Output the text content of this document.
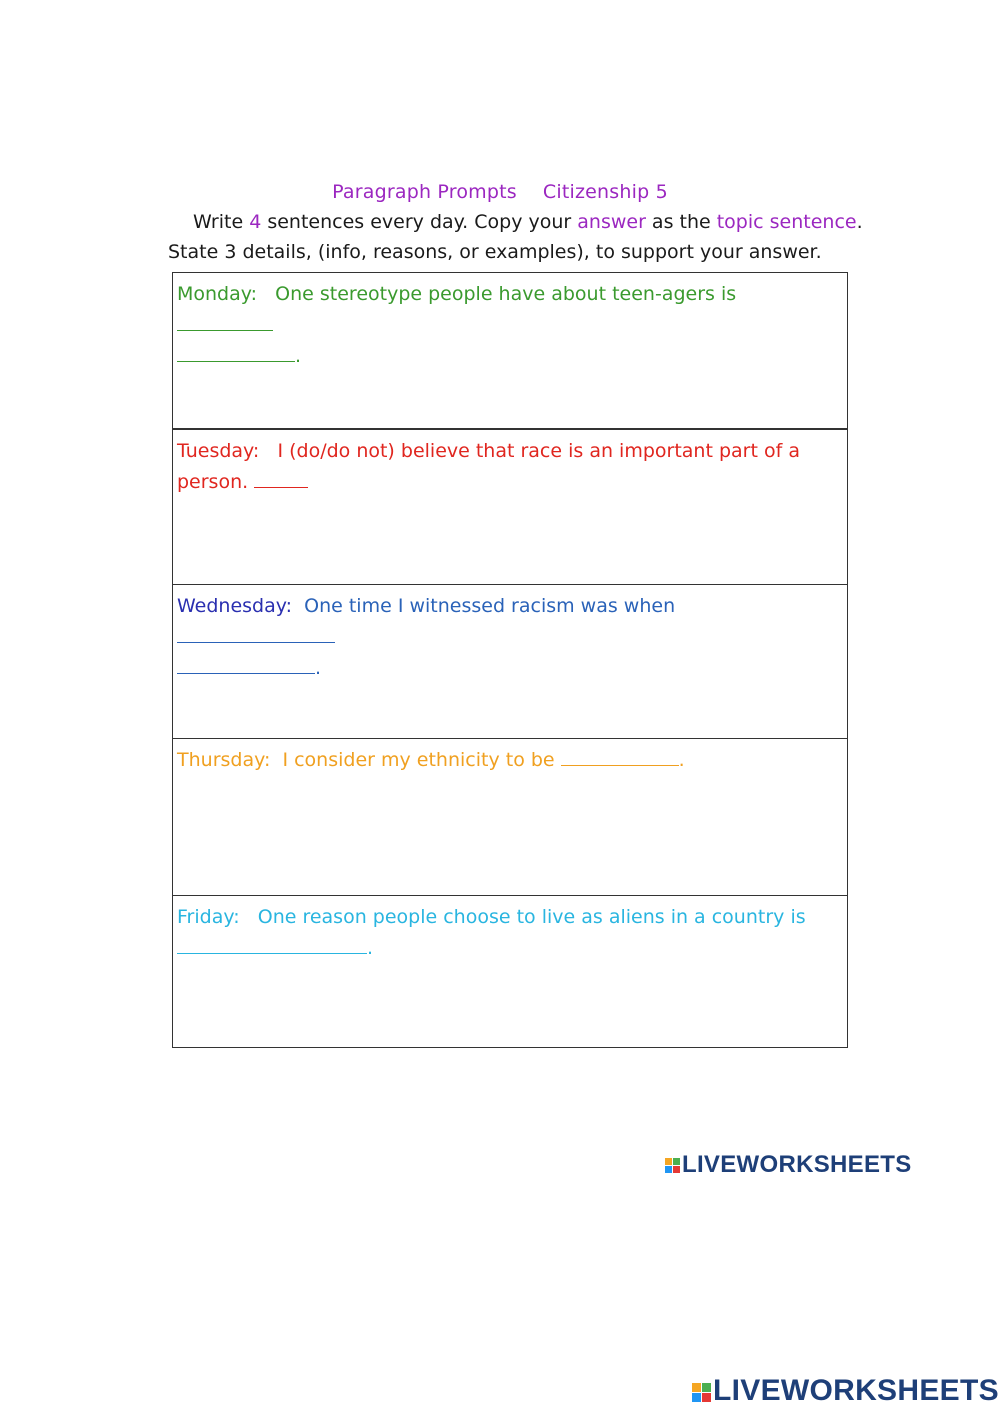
Paragraph Prompts Citizenship 5
Write 4 sentences every day. Copy your answer as the topic sentence.
State 3 details, (info, reasons, or examples), to support your answer.
Monday: One stereotype people have about teen-agers is
.
Tuesday: I (do/do not) believe that race is an important part of a person.
Wednesday: One time I witnessed racism was when
.
Thursday: I consider my ethnicity to be	.
Friday: One reason people choose to live as aliens in a country is
.
LIVEWORKSHEETS
LIVEWORKSHEETS
